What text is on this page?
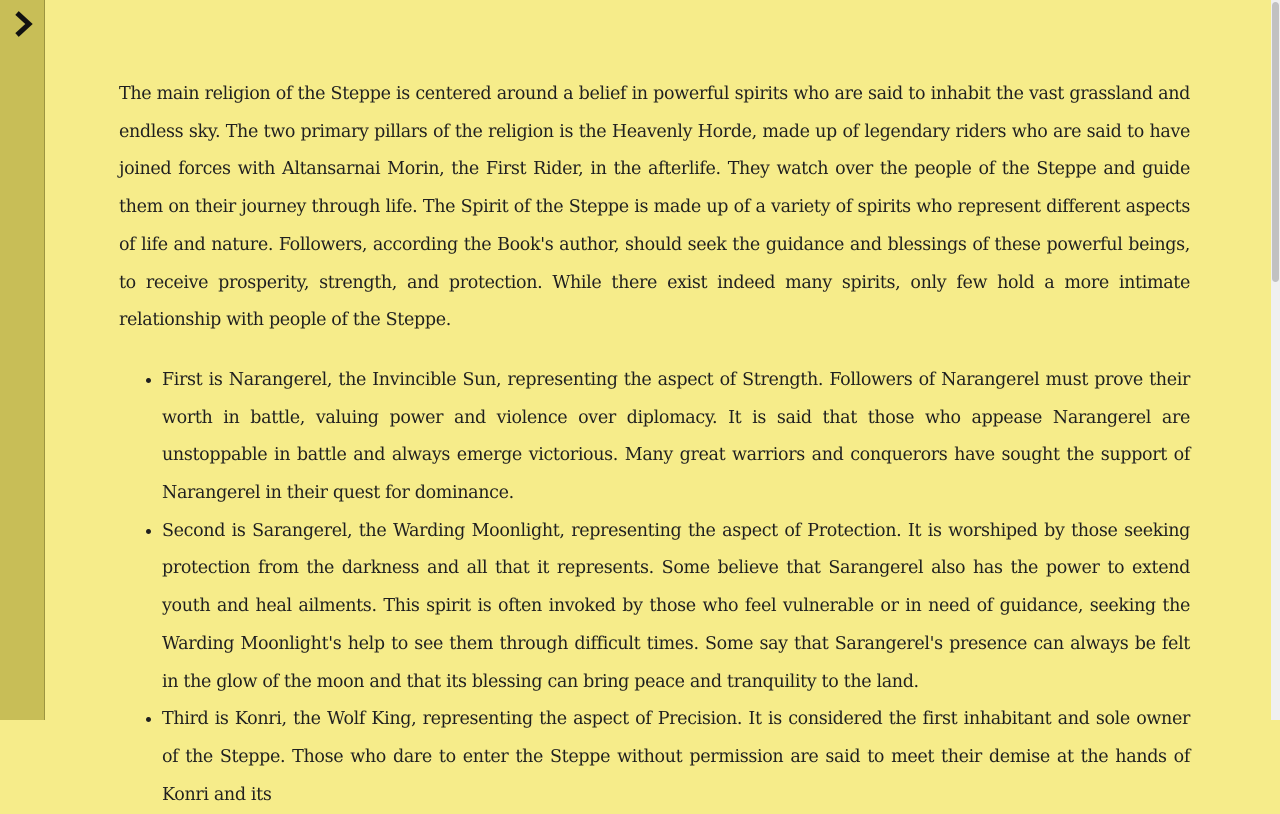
The main religion of the Steppe is centered around a belief in powerful spirits who are said to inhabit the vast grassland and endless sky. The two primary pillars of the religion is the Heavenly Horde, made up of legendary riders who are said to have joined forces with Altansarnai Morin, the First Rider, in the afterlife. They watch over the people of the Steppe and guide them on their journey through life. The Spirit of the Steppe is made up of a variety of spirits who represent different aspects of life and nature. Followers, according the Book's author, should seek the guidance and blessings of these powerful beings, to receive prosperity, strength, and protection. While there exist indeed many spirits, only few hold a more intimate relationship with people of the Steppe.

• First is Narangerel, the Invincible Sun, representing the aspect of Strength. Followers of Narangerel must prove their worth in battle, valuing power and violence over diplomacy. It is said that those who appease Narangerel are unstoppable in battle and always emerge victorious. Many great warriors and conquerors have sought the support of Narangerel in their quest for dominance.
• Second is Sarangerel, the Warding Moonlight, representing the aspect of Protection. It is worshiped by those seeking protection from the darkness and all that it represents. Some believe that Sarangerel also has the power to extend youth and heal ailments. This spirit is often invoked by those who feel vulnerable or in need of guidance, seeking the Warding Moonlight's help to see them through difficult times. Some say that Sarangerel's presence can always be felt in the glow of the moon and that its blessing can bring peace and tranquility to the land.
• Third is Konri, the Wolf King, representing the aspect of Precision. It is considered the first inhabitant and sole owner of the Steppe. Those who dare to enter the Steppe without permission are said to meet their demise at the hands of Konri and its
